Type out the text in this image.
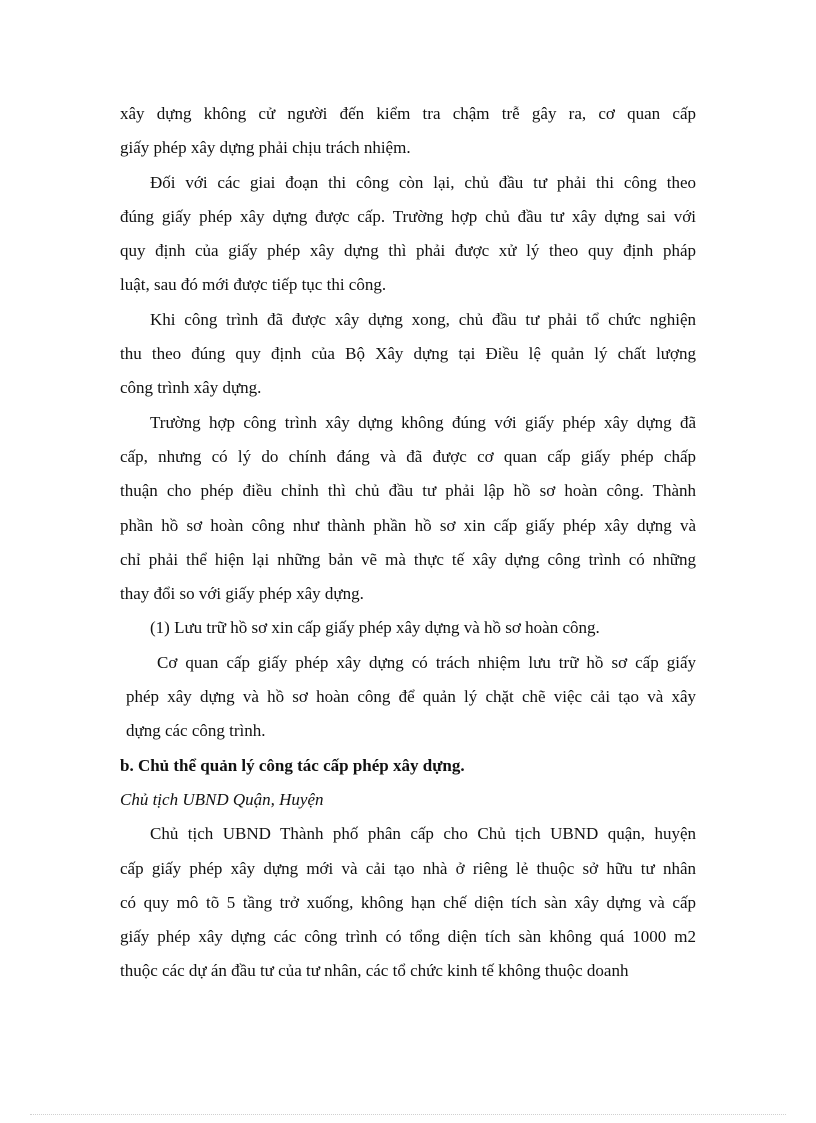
xây dựng không cử người đến kiểm tra chậm trễ gây ra, cơ quan cấp
giấy phép xây dựng phải chịu trách nhiệm.
Đối với các giai đoạn thi công còn lại, chủ đầu tư phải thi công theo
đúng giấy phép xây dựng được cấp. Trường hợp chủ đầu tư xây dựng sai với
quy định của giấy phép xây dựng thì phải được xử lý theo quy định pháp
luật, sau đó mới được tiếp tục thi công.
Khi công trình đã được xây dựng xong, chủ đầu tư phải tổ chức nghiện
thu theo đúng quy định của Bộ Xây dựng tại Điều lệ quản lý chất lượng
công trình xây dựng.
Trường hợp công trình xây dựng không đúng với giấy phép xây dựng đã
cấp, nhưng có lý do chính đáng và đã được cơ quan cấp giấy phép chấp
thuận cho phép điều chỉnh thì chủ đầu tư phải lập hồ sơ hoàn công. Thành
phần hồ sơ hoàn công như thành phần hồ sơ xin cấp giấy phép xây dựng và
chỉ phải thể hiện lại những bản vẽ mà thực tế xây dựng công trình có những
thay đổi so với giấy phép xây dựng.
(1) Lưu trữ hồ sơ xin cấp giấy phép xây dựng và hồ sơ hoàn công.
Cơ quan cấp giấy phép xây dựng có trách nhiệm lưu trữ hồ sơ cấp giấy
phép xây dựng và hồ sơ hoàn công để quản lý chặt chẽ việc cải tạo và xây
dựng các công trình.
b. Chủ thể quản lý công tác cấp phép xây dựng.
Chủ tịch UBND Quận, Huyện
Chủ tịch UBND Thành phố phân cấp cho Chủ tịch UBND quận, huyện
cấp giấy phép xây dựng mới và cải tạo nhà ở riêng lẻ thuộc sở hữu tư nhân
có quy mô tõ 5 tầng trở xuống, không hạn chế diện tích sàn xây dựng và cấp
giấy phép xây dựng các công trình có tổng diện tích sàn không quá 1000 m2
thuộc các dự án đầu tư của tư nhân, các tổ chức kinh tế không thuộc doanh
